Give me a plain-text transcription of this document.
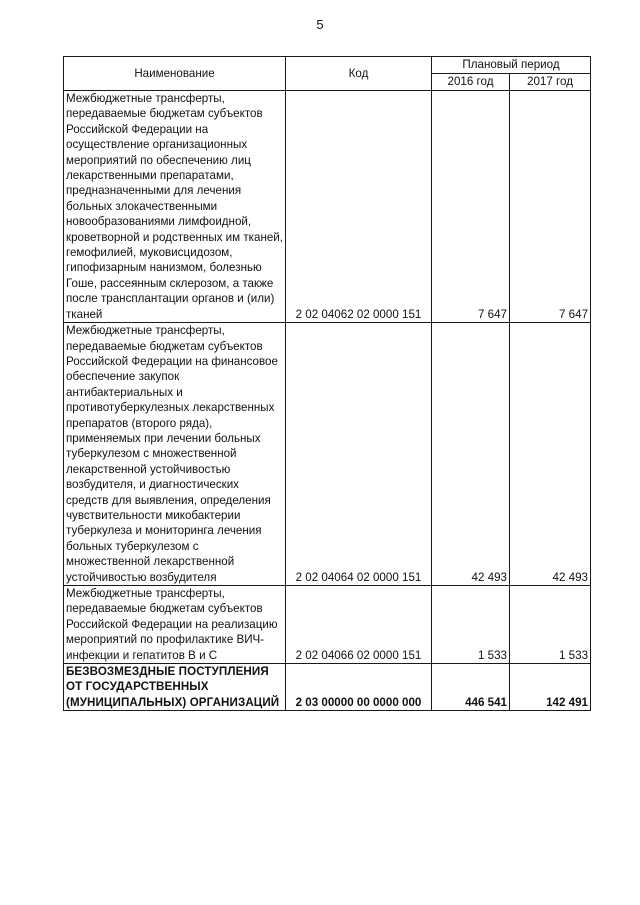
5
Наименование	Код	Плановый период	
		2016 год	2017 год
Межбюджетные трансферты, передаваемые бюджетам субъектов Российской Федерации на осуществление организационных мероприятий по обеспечению лиц лекарственными препаратами, предназначенными для лечения больных злокачественными новообразованиями лимфоидной, кроветворной и родственных им тканей, гемофилией, муковисцидозом, гипофизарным нанизмом, болезнью Гоше, рассеянным склерозом, а также после трансплантации органов и (или) тканей	2 02 04062 02 0000 151	7 647	7 647
Межбюджетные трансферты, передаваемые бюджетам субъектов Российской Федерации на финансовое обеспечение закупок антибактериальных и противотуберкулезных лекарственных препаратов (второго ряда), применяемых при лечении больных туберкулезом с множественной лекарственной устойчивостью возбудителя, и диагностических средств для выявления, определения чувствительности микобактерии туберкулеза и мониторинга лечения больных туберкулезом с множественной лекарственной устойчивостью возбудителя	2 02 04064 02 0000 151	42 493	42 493
Межбюджетные трансферты, передаваемые бюджетам субъектов Российской Федерации на реализацию мероприятий по профилактике ВИЧ-инфекции и гепатитов В и С	2 02 04066 02 0000 151	1 533	1 533
БЕЗВОЗМЕЗДНЫЕ ПОСТУПЛЕНИЯ ОТ ГОСУДАРСТВЕННЫХ (МУНИЦИПАЛЬНЫХ) ОРГАНИЗАЦИЙ	2 03 00000 00 0000 000	446 541	142 491
